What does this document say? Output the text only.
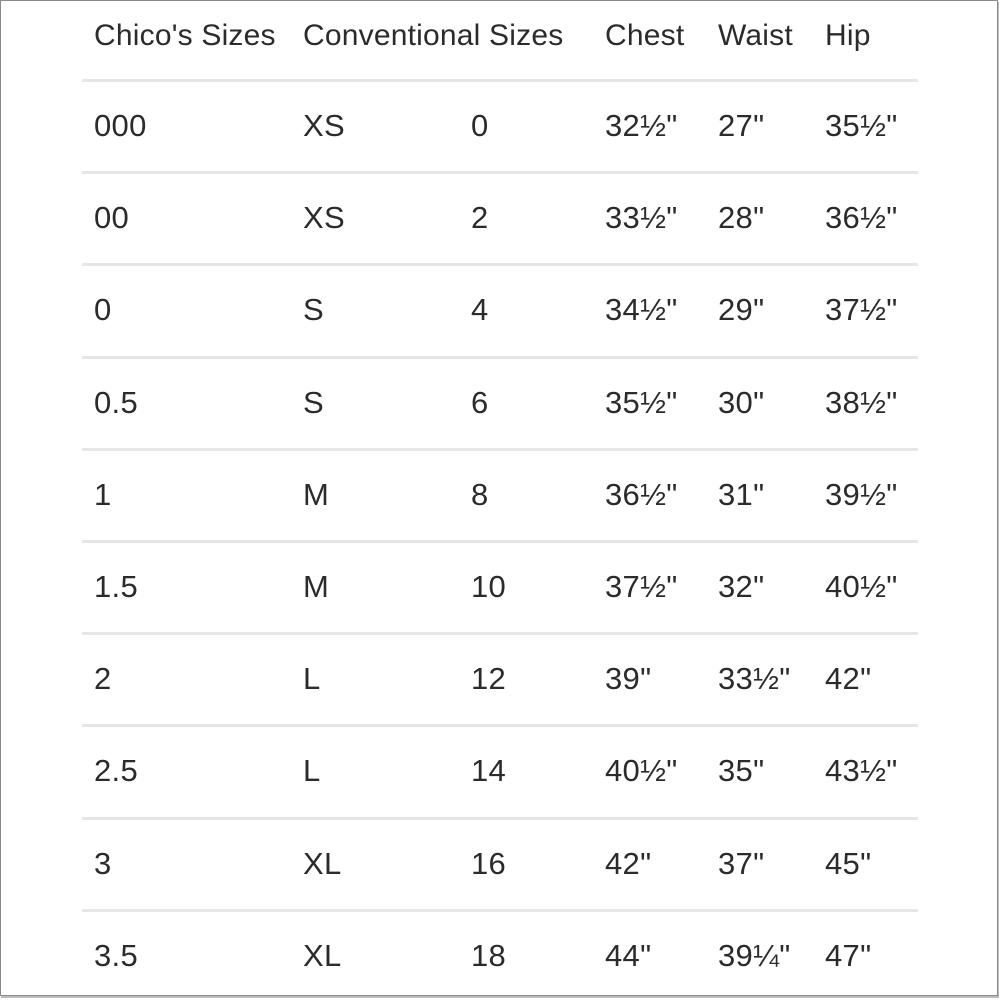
Chico's Sizes Conventional Sizes Chest Waist Hip
000	XS	0	32½" 27" 35½"
00	XS	2	33½" 28" 36½"
0	S	4	34½" 29" 37½"
0.5	S	6	35½" 30" 38½"
1	M	8	36½" 31" 39½"
1.5	M	10	37½" 32" 40½"
2	L	12	39" 33½" 42"
2.5	L	14	40½" 35" 43½"
3	XL	16	42" 37" 45"
3.5	XL	18	44" 39¼" 47"
